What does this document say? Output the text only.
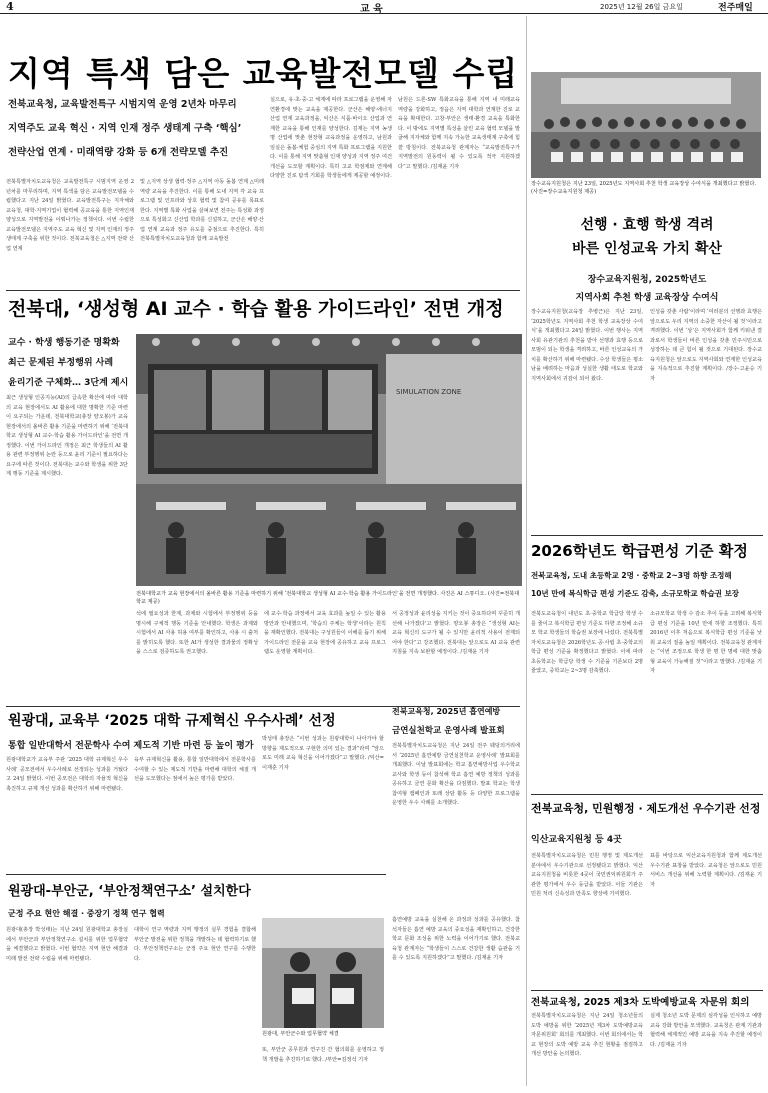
4	교 육	2025년 12월 26일 금요일	전주매일
지역 특색 담은 교육발전모델 수립
전북교육청, 교육발전특구 시범지역 운영 2년차 마무리
지역주도 교육 혁신 · 지역 인재 정주 생태계 구축 ‘핵심’
전략산업 연계 · 미래역량 강화 등 6개 전략모델 추진
전북특별자치도교육청은 교육발전특구 시범지역 운영 2년차를 마무리하며, 지역 특색을 담은 교육발전모델을 수립했다고 지난 24일 밝혔다. 교육발전특구는 지자체와 교육청, 대학·지역기업이 협력해 공교육을 통한 지역인재 양성으로 지역발전을 이뤄나가는 정책이다. 이번 수립한 교육발전모델은 지역주도 교육 혁신 및 지역 인재의 정주 생태계 구축을 위한 것이다. 전북교육청은 △지역 전략 산업 연계
및 △지역 상생 협력·정주 △지역 아동 돌봄 연계 △미래 역량 교육을 추진한다. 이를 통해 도내 지역 각 교육 프로그램 및 인프라와 상호 협력 및 참여 공유를 목표로 한다. 지역별 특화 사업을 살펴보면 전주는 특성화 과정으로 특성화고 신산업 학과를 신설하고, 군산은 해양·산업 연계 교육과 정주 유도를 중점으로 추진한다. 특히 전북특별자치도교육청과 함께 교육발전
실으로, 유·초·중·고 체계에 따라 프로그램을 운영해 자연환경에 맞는 교육을 제공한다. 군산은 해양·에너지 산업 연계 교육과정을, 익산은 식품·바이오 산업과 연계한 교육을 통해 인재를 양성한다. 김제는 지역 농생명 산업에 맞춘 현장형 교육과정을 운영하고, 남원과 임실은 돌봄·체험 중심의 지역 특화 프로그램을 지원한다. 이를 통해 지역 맞춤형 인재 양성과 지역 정주 여건 개선을 도모할 계획이다. 특히 고교 학점제와 연계해 다양한 진로 탐색 기회를 학생들에게 제공할 예정이다.
남원은 드론·SW 특화교육을 통해 지역 내 미래교육 역량을 강화하고, 정읍은 지역 대학과 연계한 진로 교육을 확대한다. 고창·부안은 생태·환경 교육을 특화한다. 이 밖에도 지역별 특성을 살린 교육 협력 모델을 발굴해 지자체와 함께 지속 가능한 교육생태계 구축에 힘쓸 방침이다. 전북교육청 관계자는 “교육발전특구가 지역발전의 원동력이 될 수 있도록 적극 지원하겠다”고 말했다. /김재윤 기자
장수교육지원청은 지난 23일, 2025년도 지역사회 추천 학생 교육장상 수여식을 개최했다고 밝혔다. (사진=장수교육지원청 제공)
선행 · 효행 학생 격려
바른 인성교육 가치 확산
장수교육지원청, 2025학년도
지역사회 추천 학생 교육장상 수여식
장수교육지원청(교육장 추병근)은 지난 23일, ‘2025학년도 지역사회 추천 학생 교육장상 수여식’을 개최했다고 24일 밝혔다. 이번 행사는 지역사회 유관기관의 추천을 받아 선행과 효행 등으로 모범이 되는 학생을 격려하고, 바른 인성교육의 가치를 확산하기 위해 마련됐다. 수상 학생들은 평소 남을 배려하는 마음과 성실한 생활 태도로 학교와 지역사회에서 귀감이 되어 왔다.
인성을 갖춘 사람’이라며 ‘여러분의 선행과 효행은 앞으로도 우리 지역의 소중한 자산이 될 것’이라고 격려했다. 이번 ‘상’은 지역사회가 함께 키워낸 결과로서 학생들이 바른 인성을 갖춘 민주시민으로 성장하는 데 큰 힘이 될 것으로 기대된다. 장수교육지원청은 앞으로도 지역사회와 연계한 인성교육을 지속적으로 추진할 계획이다. /장수·고윤승 기자
전북대, ‘생성형 AI 교수 · 학습 활용 가이드라인’ 전면 개정
교수 · 학생 행동기준 명확화
최근 문제된 부정행위 사례
윤리기준 구체화… 3단계 제시
최근 생성형 인공지능(AI)의 급속한 확산에 따라 대학의 교육 현장에서도 AI 활용에 대한 명확한 기준 마련이 요구되는 가운데, 전북대학교(총장 양오봉)가 교육 현장에서의 올바른 활용 기준을 마련하기 위해 ‘전북대학교 생성형 AI 교수·학습 활용 가이드라인’을 전면 개정했다. 이번 가이드라인 개정은 최근 학생들의 AI 활용 관련 부정행위 논란 등으로 윤리 기준이 필요하다는 요구에 따른 것이다. 전북대는 교수와 학생을 위한 3단계 행동 기준을 제시했다.
SIMULATION ZONE
전북대학교가 교육 현장에서의 올바른 활용 기준을 마련하기 위해 ‘전북대학교 생성형 AI 교수·학습 활용 가이드라인’을 전면 개정했다. 사진은 AI 스튜디오. (사진=전북대학교 제공)
석에 필요성과 한계, 과제와 시험에서 부정행위 등을 명시해 구체적 행동 기준을 안내했다. 학생은 과제와 시험에서 AI 사용 허용 여부를 확인하고, 사용 시 출처를 밝히도록 했다. 또한 AI가 생성한 결과물의 정확성을 스스로 검증하도록 권고했다.
에 교수·학습 과정에서 교육 효과를 높일 수 있는 활용 방안과 안내했으며, ‘학습의 주체는 학생’이라는 원칙을 재확인했다. 전북대는 구성원들이 이해를 돕기 위해 가이드라인 전문을 교육 현장에 공유하고 교육 프로그램도 운영할 계획이다.
서 공정성과 윤리성을 지키는 것이 중요하다며 꾸준히 개선해 나가겠다’고 밝혔다. 양오봉 총장은 “생성형 AI는 교육 혁신의 도구가 될 수 있지만 윤리적 사용이 전제되어야 한다”고 강조했다. 전북대는 앞으로도 AI 교육 관련 지침을 지속 보완할 예정이다. /김재윤 기자
2026학년도 학급편성 기준 확정
전북교육청, 도내 초등학교 2명 · 중학교 2~3명 하향 조정해
10년 만에 복식학급 편성 기준도 감축, 소규모학교 학습권 보장
전북도교육청이 내년도 초·중학교 학급당 학생 수를 줄이고 복식학급 편성 기준도 하향 조정해 소규모 학교 학생들의 학습권 보장에 나섰다. 전북특별자치도교육청은 2026학년도 공·사립 초·중학교의 학급 편성 기준을 확정했다고 밝혔다. 이에 따라 초등학교는 학급당 학생 수 기준을 기존보다 2명 줄였고, 중학교는 2~3명 감축했다.
소규모학교 학생 수 감소 추이 등을 고려해 복식학급 편성 기준을 10년 만에 하향 조정했다. 특히 2016년 이후 처음으로 복식학급 편성 기준을 낮춰 교육의 질을 높일 계획이다. 전북교육청 관계자는 “이번 조정으로 학생 한 명 한 명에 대한 맞춤형 교육이 가능해질 것”이라고 말했다. /김재윤 기자
원광대, 교육부 ‘2025 대학 규제혁신 우수사례’ 선정
통합 일반대학서 전문학사 수여 제도적 기반 마련 등 높이 평가
원광대학교가 교육부 주관 ‘2025 대학 규제혁신 우수사례’ 공모전에서 우수사례로 선정되는 성과를 거뒀다고 24일 밝혔다. 이번 공모전은 대학의 자율적 혁신을 촉진하고 규제 개선 성과를 확산하기 위해 마련됐다.
육부 규제혁신을 활용, 통합 일반대학에서 전문학사를 수여할 수 있는 제도적 기반을 마련해 대학의 체질 개선을 도모했다는 점에서 높은 평가를 받았다.
박성태 총장은 “이번 성과는 원광대학이 나아가야 할 방향을 제도적으로 구현한 의미 있는 결과”라며 “앞으로도 미래 교육 혁신을 이어가겠다”고 말했다. /익산=이재훈 기자
전북교육청, 2025년 흡연예방
금연실천학교 운영사례 발표회
전북특별자치도교육청은 지난 24일 전주 웨딩의거리에서 ‘2025년 흡연예방 금연실천학교 운영사례’ 발표회를 개최했다. 이날 발표회에는 학교 흡연예방사업 우수학교 교사와 학생 등이 참석해 학교 흡연 예방 정책의 성과를 공유하고 금연 문화 확산을 다짐했다. 발표 학교는 학생 참여형 캠페인과 또래 상담 활동 등 다양한 프로그램을 운영한 우수 사례를 소개했다.
흡연예방 교육을 실천해 온 과정과 성과를 공유했다. 참석자들은 흡연 예방 교육의 중요성을 재확인하고, 건강한 학교 문화 조성을 위한 노력을 이어가기로 했다. 전북교육청 관계자는 “학생들이 스스로 건강한 생활 습관을 기를 수 있도록 지원하겠다”고 말했다. /김재윤 기자
전북교육청, 민원행정 · 제도개선 우수기관 선정
익산교육지원청 등 4곳
전북특별자치도교육청은 민원 행정 및 제도개선 분야에서 우수기관으로 선정됐다고 밝혔다. 익산교육지원청을 비롯한 4곳이 국민권익위원회가 주관한 평가에서 우수 등급을 받았다. 이들 기관은 민원 처리 신속성과 만족도 향상에 기여했다.
표를 바탕으로 익산교육지원청과 함께 제도개선 우수기관 표창을 받았다. 교육청은 앞으로도 민원 서비스 개선을 위해 노력할 계획이다. /김재윤 기자
원광대-부안군, ‘부안정책연구소’ 설치한다
군정 주요 현안 해결 · 중장기 정책 연구 협력
원광대(총장 박성태)는 지난 24일 원광대학교 총장실에서 부안군과 부안정책연구소 설치를 위한 업무협약을 체결했다고 밝혔다. 이번 협약은 지역 현안 해결과 미래 발전 전략 수립을 위해 마련됐다.
대학이 연구 역량과 지역 행정의 실무 경험을 결합해 부안군 발전을 위한 정책을 개발하는 데 협력하기로 했다. 부안정책연구소는 군정 주요 현안 연구를 수행한다.
원광대, 부안군수와 업무협약 체결
또, 부안군 공무원과 연구진 간 협의회를 운영하고 정책 개발을 추진하기로 했다. /부안=김정석 기자
전북교육청, 2025 제3차 도박예방교육 자문위 회의
전북특별자치도교육청은 지난 24일 청소년들의 도박 예방을 위한 ‘2025년 제3차 도박예방교육 자문위원회’ 회의를 개최했다. 이번 회의에서는 학교 현장의 도박 예방 교육 추진 현황을 점검하고 개선 방안을 논의했다.
실제 청소년 도박 문제의 심각성을 인식하고 예방 교육 강화 방안을 모색했다. 교육청은 관계 기관과 협력해 체계적인 예방 교육을 지속 추진할 예정이다. /김재윤 기자
